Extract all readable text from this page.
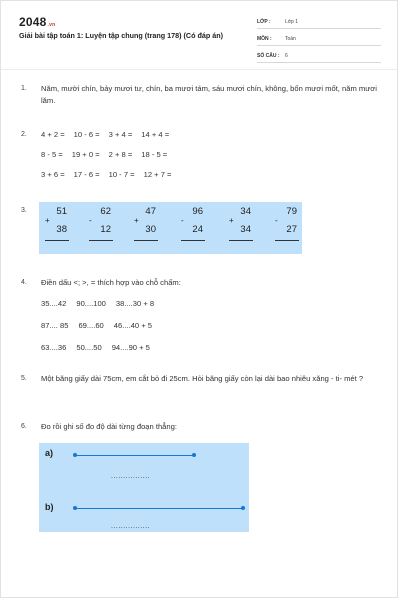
2048.vn
Giải bài tập toán 1: Luyện tập chung (trang 178) (Có đáp án)
LỚP :	Lớp 1
MÔN :	Toán
SỐ CÂU :	6
1.	Năm, mười chín, bảy mươi tư, chín, ba mươi tám, sáu mươi chín, không, bốn mươi mốt, năm mươi lăm.
2.	4 + 2 = 10 - 6 = 3 + 4 = 14 + 4 =
8 - 5 = 19 + 0 = 2 + 8 = 18 - 5 =
3 + 6 = 17 - 6 = 10 - 7 = 12 + 7 =
3.	51
+
38
62
-
12
47
+
30
96
-
24
34
+
34
79
-
27
4.	Điền dấu <; >, = thích hợp vào chỗ chấm:
35....42 90....100 38....30 + 8
87.... 85 69....60 46....40 + 5
63....36 50....50 94....90 + 5
5.	Một băng giấy dài 75cm, em cắt bỏ đi 25cm. Hỏi băng giấy còn lại dài bao nhiêu xăng - ti- mét ?
6.	Đo rồi ghi số đo độ dài từng đoạn thẳng:
a)
................
b)
................
